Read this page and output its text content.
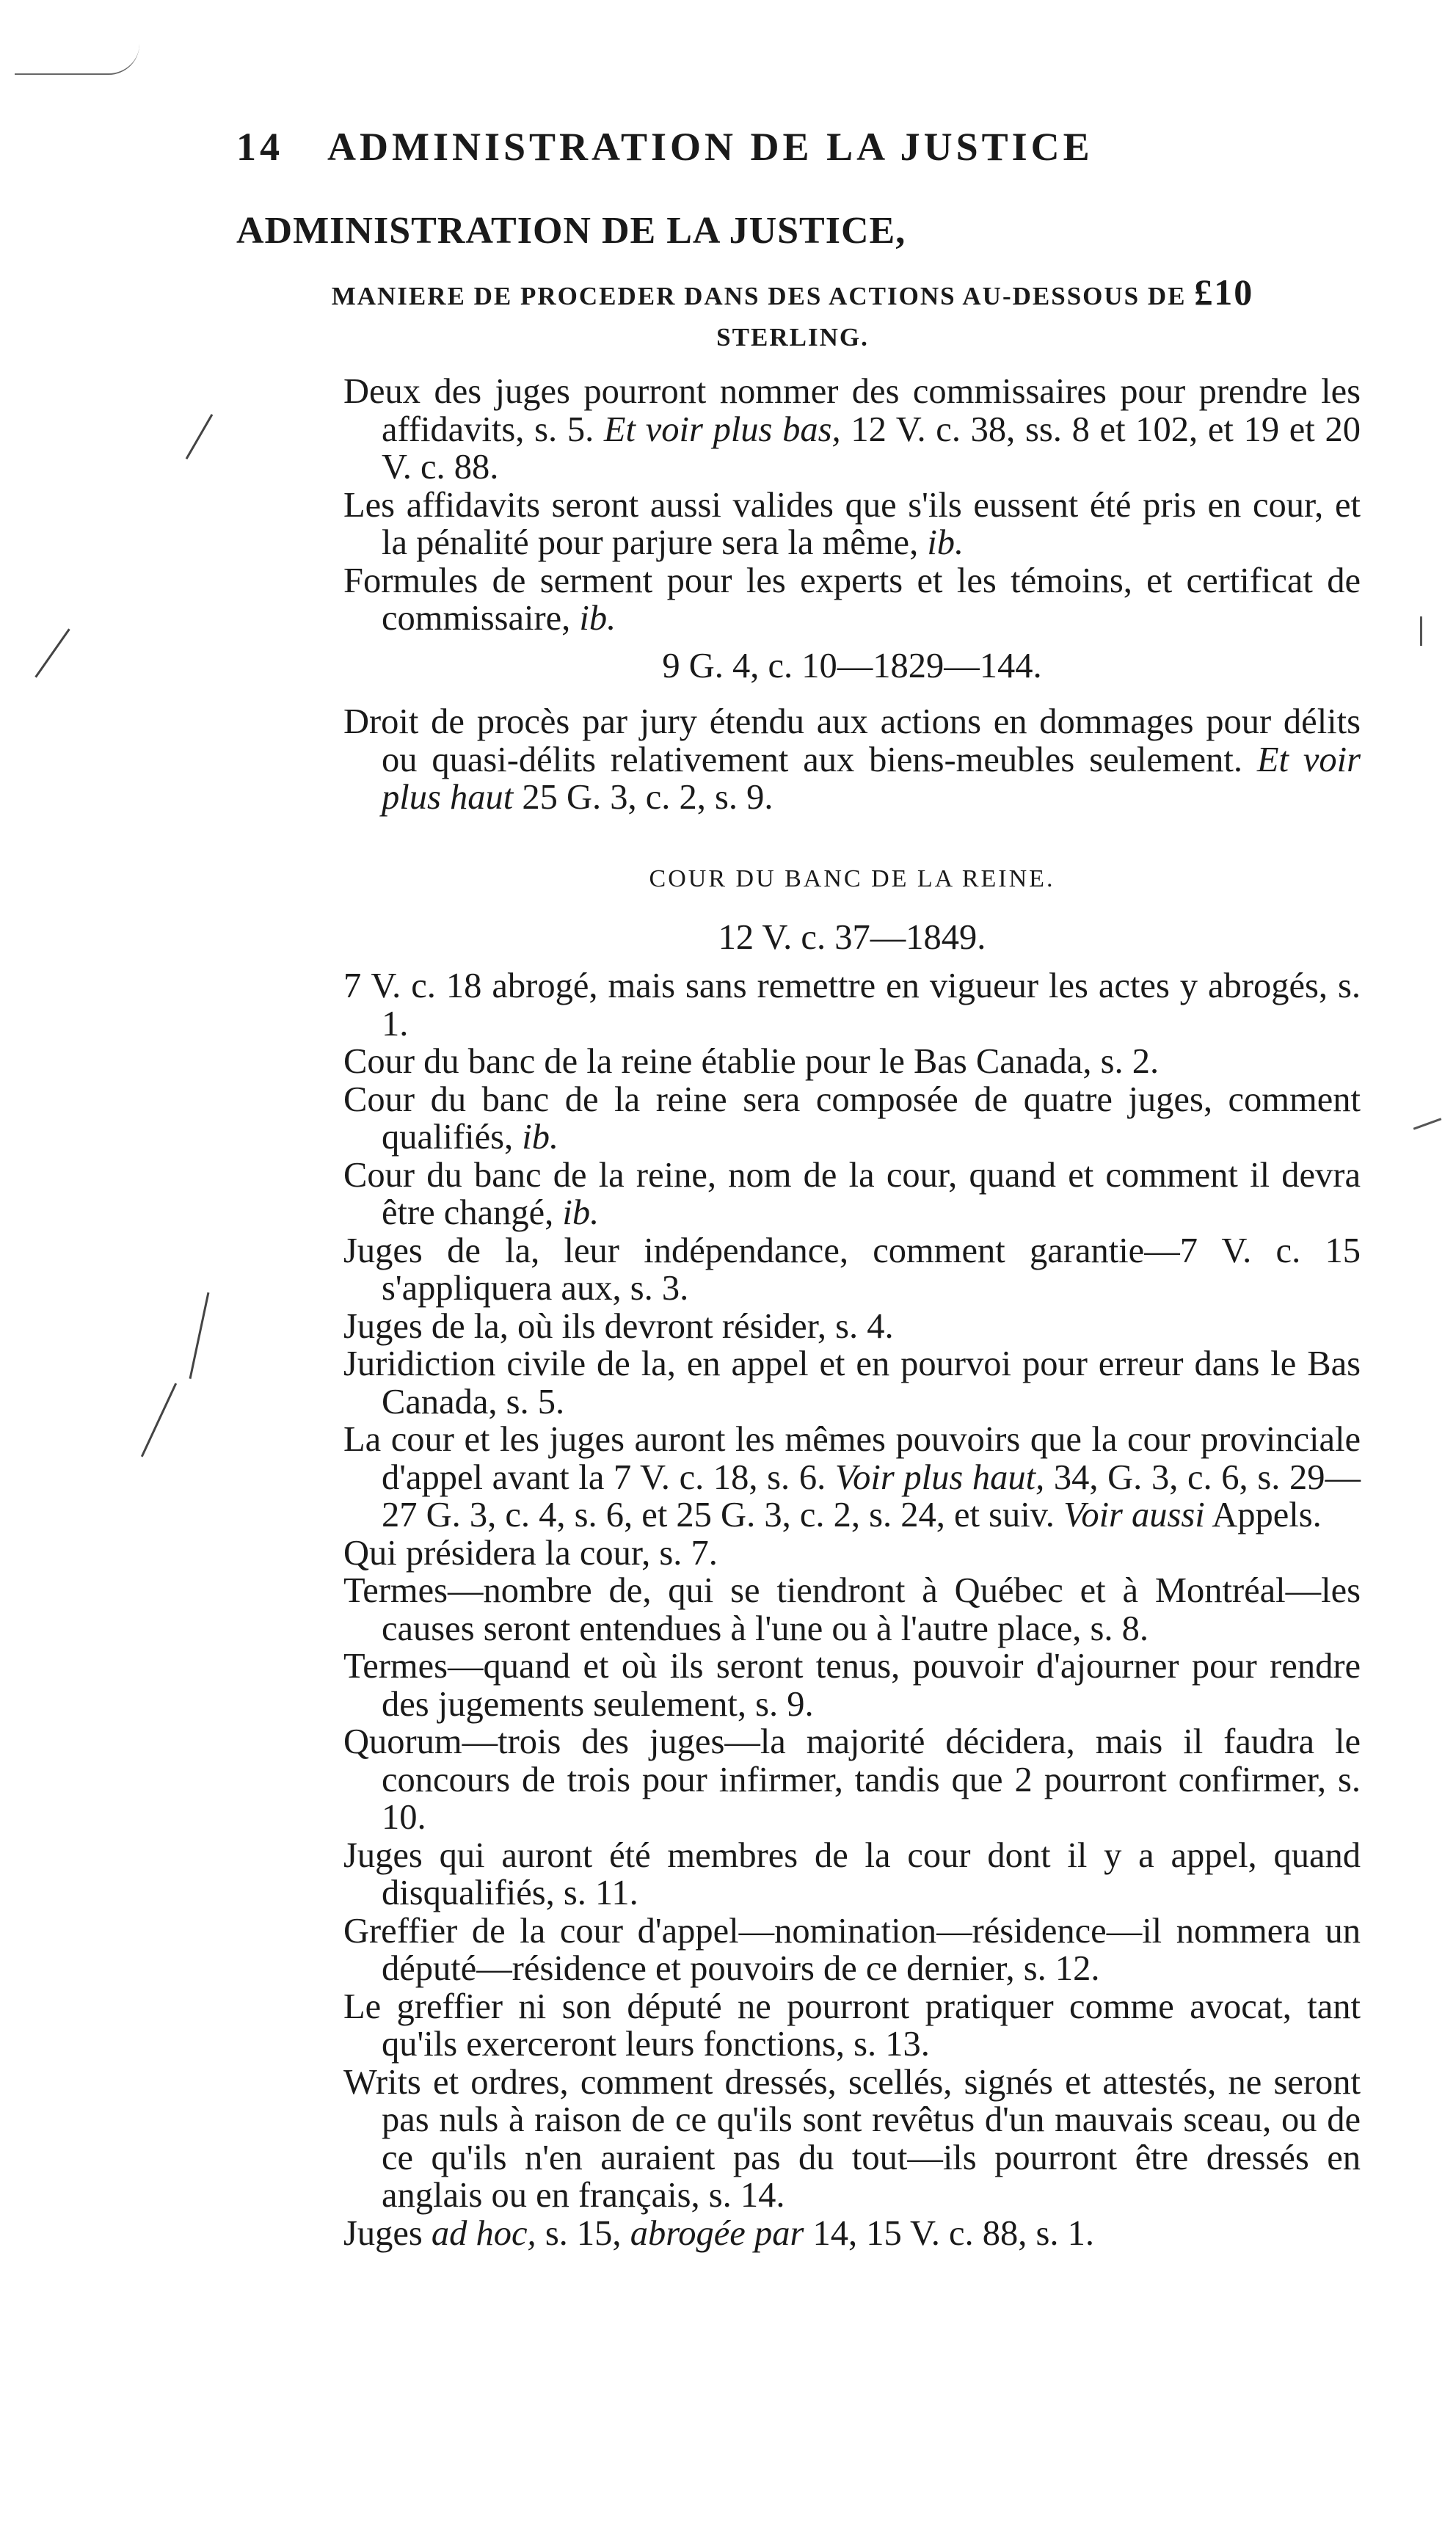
14 ADMINISTRATION DE LA JUSTICE
ADMINISTRATION DE LA JUSTICE,
MANIERE DE PROCEDER DANS DES ACTIONS AU-DESSOUS DE £10
STERLING.

Deux des juges pourront nommer des commissaires pour prendre les affidavits, s. 5. Et voir plus bas, 12 V. c. 38, ss. 8 et 102, et 19 et 20 V. c. 88.

Les affidavits seront aussi valides que s'ils eussent été pris en cour, et la pénalité pour parjure sera la même, ib.

Formules de serment pour les experts et les témoins, et certificat de commissaire, ib.

9 G. 4, c. 10—1829—144.

Droit de procès par jury étendu aux actions en dommages pour délits ou quasi-délits relativement aux biens-meubles seulement. Et voir plus haut 25 G. 3, c. 2, s. 9.

COUR DU BANC DE LA REINE.

12 V. c. 37—1849.

7 V. c. 18 abrogé, mais sans remettre en vigueur les actes y abrogés, s. 1.

Cour du banc de la reine établie pour le Bas Canada, s. 2.

Cour du banc de la reine sera composée de quatre juges, comment qualifiés, ib.

Cour du banc de la reine, nom de la cour, quand et comment il devra être changé, ib.

Juges de la, leur indépendance, comment garantie—7 V. c. 15 s'appliquera aux, s. 3.

Juges de la, où ils devront résider, s. 4.

Juridiction civile de la, en appel et en pourvoi pour erreur dans le Bas Canada, s. 5.

La cour et les juges auront les mêmes pouvoirs que la cour provinciale d'appel avant la 7 V. c. 18, s. 6. Voir plus haut, 34, G. 3, c. 6, s. 29—27 G. 3, c. 4, s. 6, et 25 G. 3, c. 2, s. 24, et suiv. Voir aussi Appels.

Qui présidera la cour, s. 7.

Termes—nombre de, qui se tiendront à Québec et à Montréal—les causes seront entendues à l'une ou à l'autre place, s. 8.

Termes—quand et où ils seront tenus, pouvoir d'ajourner pour rendre des jugements seulement, s. 9.

Quorum—trois des juges—la majorité décidera, mais il faudra le concours de trois pour infirmer, tandis que 2 pourront confirmer, s. 10.

Juges qui auront été membres de la cour dont il y a appel, quand disqualifiés, s. 11.

Greffier de la cour d'appel—nomination—résidence—il nommera un député—résidence et pouvoirs de ce dernier, s. 12.

Le greffier ni son député ne pourront pratiquer comme avocat, tant qu'ils exerceront leurs fonctions, s. 13.

Writs et ordres, comment dressés, scellés, signés et attestés, ne seront pas nuls à raison de ce qu'ils sont revêtus d'un mauvais sceau, ou de ce qu'ils n'en auraient pas du tout—ils pourront être dressés en anglais ou en français, s. 14.

Juges ad hoc, s. 15, abrogée par 14, 15 V. c. 88, s. 1.
